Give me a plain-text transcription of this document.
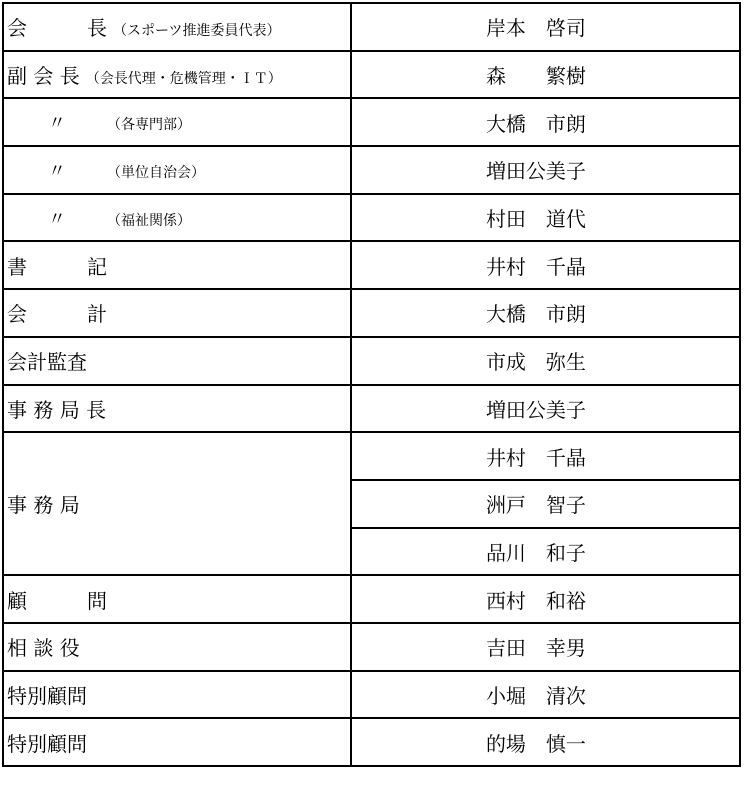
会　　　長 （スポーツ推進委員代表）	岸本　啓司
副 会 長 （会長代理・危機管理・ＩＴ）	森　　繁樹
〃 （各専門部）	大橋　市朗
〃 （単位自治会）	増田公美子
〃 （福祉関係）	村田　道代
書　　　記	井村　千晶
会　　　計	大橋　市朗
会計監査	市成　弥生
事 務 局 長	増田公美子
事 務 局	井村　千晶
	洲戸　智子
	品川　和子
顧　　　問	西村　和裕
相 談 役	吉田　幸男
特別顧問	小堀　清次
特別顧問	的場　慎一
